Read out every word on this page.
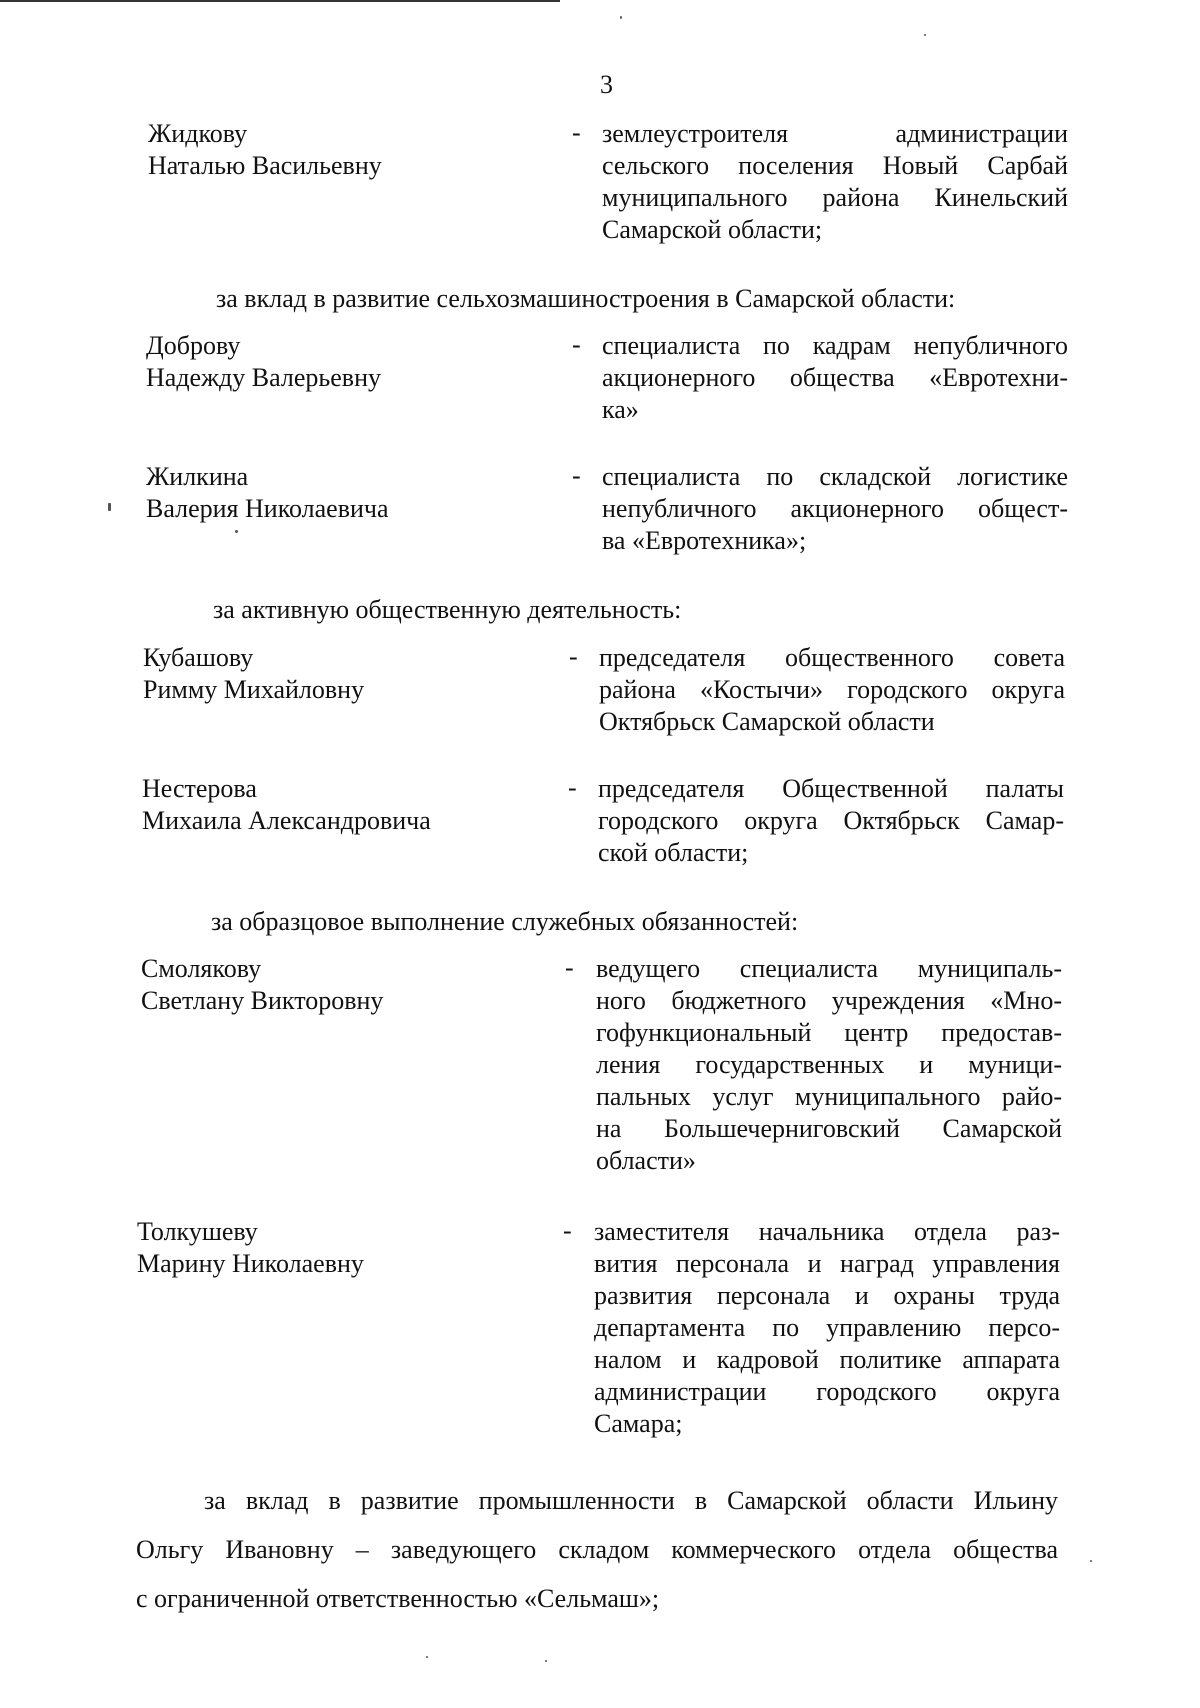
3
Жидкову
Наталью Васильевну
- землеустроителя администрации
сельского поселения Новый Сарбай
муниципального района Кинельский
Самарской области;
за вклад в развитие сельхозмашиностроения в Самарской области:
Доброву
Надежду Валерьевну
- специалиста по кадрам непубличного
акционерного общества «Евротехни-
ка»
Жилкина
Валерия Николаевича
- специалиста по складской логистике
непубличного акционерного общест-
ва «Евротехника»;
за активную общественную деятельность:
Кубашову
Римму Михайловну
- председателя общественного совета
района «Костычи» городского округа
Октябрьск Самарской области
Нестерова
Михаила Александровича
- председателя Общественной палаты
городского округа Октябрьск Самар-
ской области;
за образцовое выполнение служебных обязанностей:
Смолякову
Светлану Викторовну
- ведущего специалиста муниципаль-
ного бюджетного учреждения «Мно-
гофункциональный центр предостав-
ления государственных и муници-
пальных услуг муниципального райо-
на Большечерниговский Самарской
области»
Толкушеву
Марину Николаевну
- заместителя начальника отдела раз-
вития персонала и наград управления
развития персонала и охраны труда
департамента по управлению персо-
налом и кадровой политике аппарата
администрации городского округа
Самара;
за вклад в развитие промышленности в Самарской области Ильину
Ольгу Ивановну – заведующего складом коммерческого отдела общества
с ограниченной ответственностью «Сельмаш»;
